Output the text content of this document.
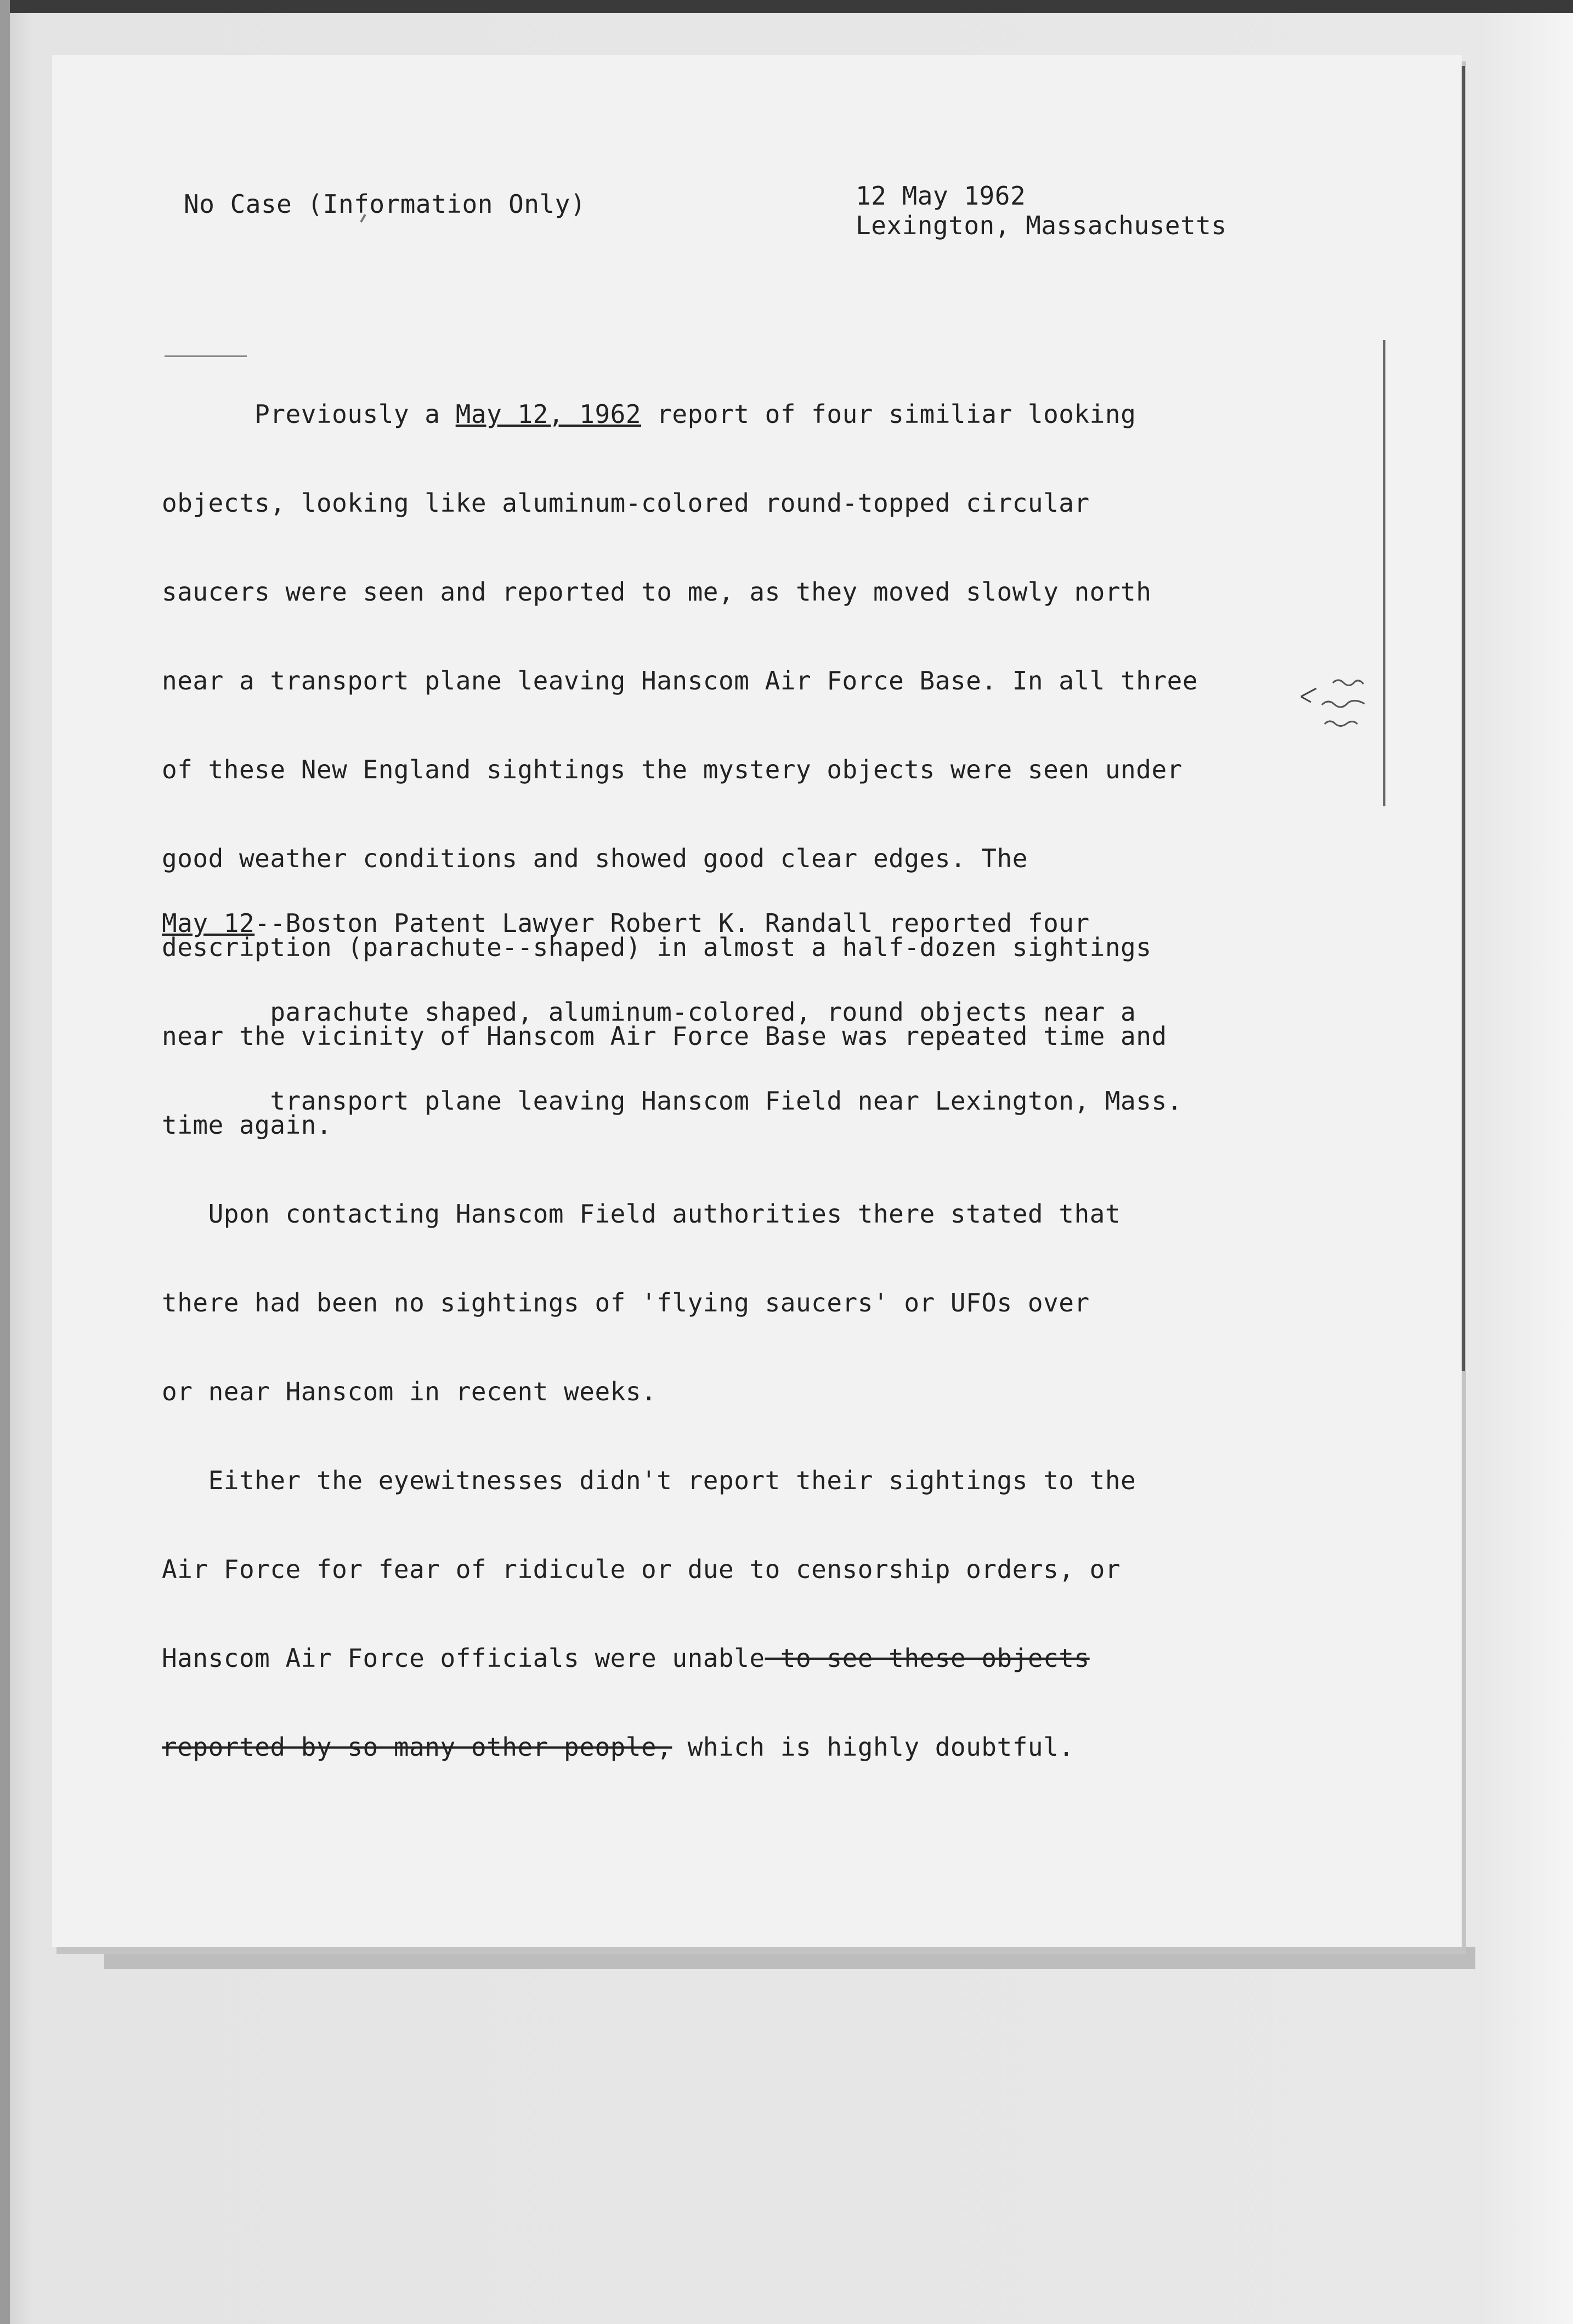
No Case (Information Only)	12 May 1962
Lexington, Massachusetts

Previously a May 12, 1962 report of four similiar looking

objects, looking like aluminum-colored round-topped circular

saucers were seen and reported to me, as they moved slowly north

near a transport plane leaving Hanscom Air Force Base. In all three

of these New England sightings the mystery objects were seen under

good weather conditions and showed good clear edges. The

description (parachute--shaped) in almost a half-dozen sightings

near the vicinity of Hanscom Air Force Base was repeated time and

time again.

Upon contacting Hanscom Field authorities there stated that

there had been no sightings of 'flying saucers' or UFOs over

or near Hanscom in recent weeks.

Either the eyewitnesses didn't report their sightings to the

Air Force for fear of ridicule or due to censorship orders, or

Hanscom Air Force officials were unable to see these objects

reported by so many other people, which is highly doubtful.

May 12--Boston Patent Lawyer Robert K. Randall reported four

parachute shaped, aluminum-colored, round objects near a

transport plane leaving Hanscom Field near Lexington, Mass.
